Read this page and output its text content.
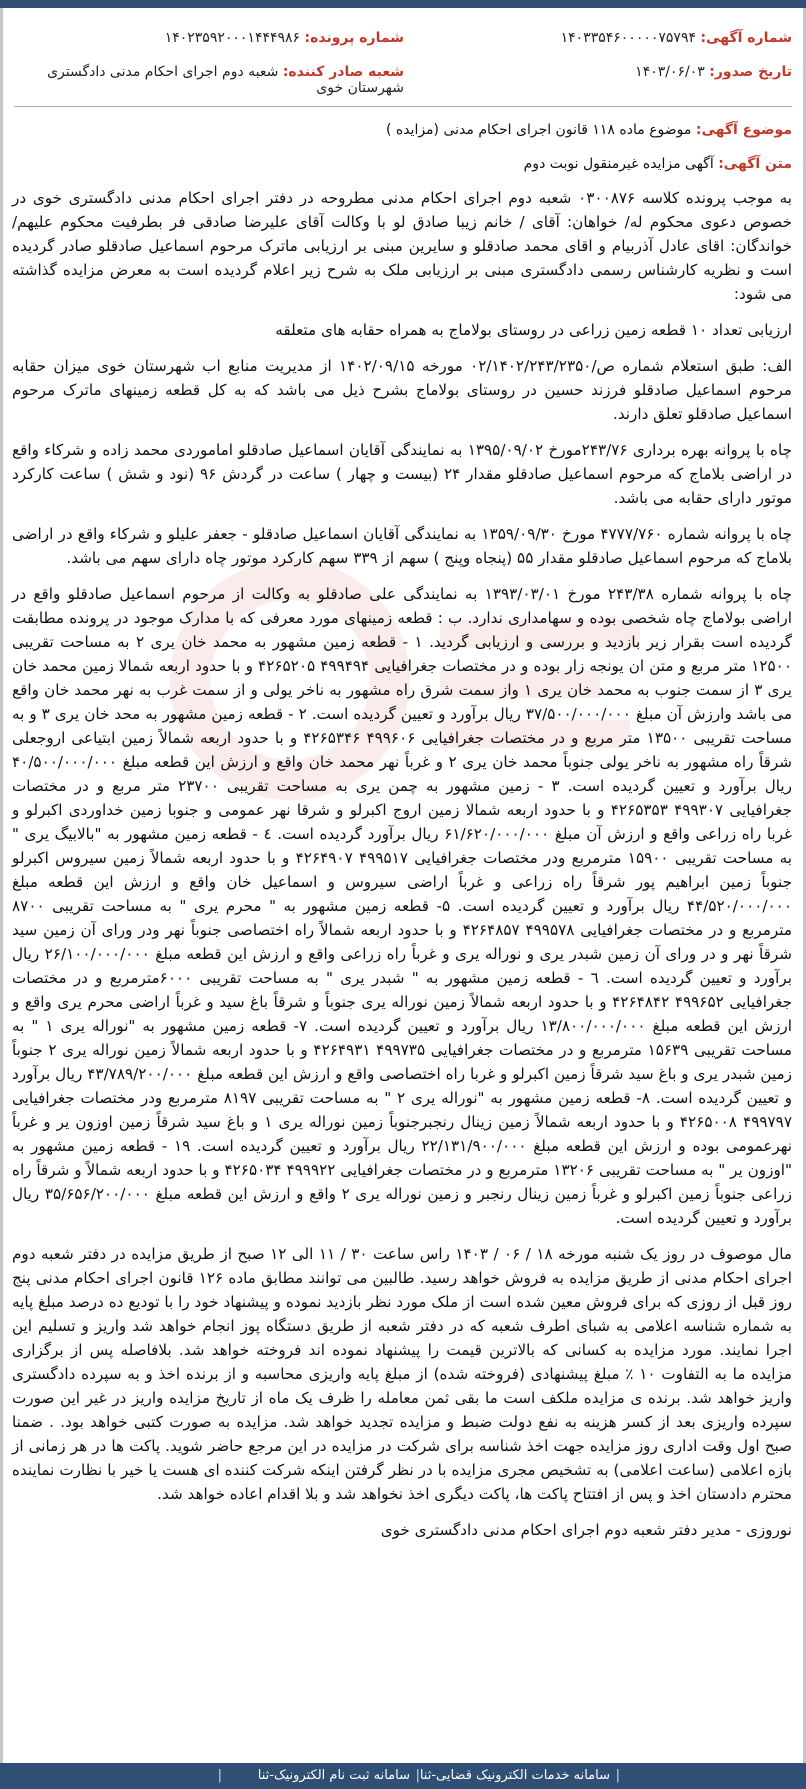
شماره آگهی: ۱۴۰۳۳۵۴۶۰۰۰۰۰۷۵۷۹۴
شماره پرونده: ۱۴۰۲۳۵۹۲۰۰۰۱۴۴۴۹۸۶
تاریخ صدور: ۱۴۰۳/۰۶/۰۳
شعبه صادر کننده: شعبه دوم اجرای احکام مدنی دادگستری شهرستان خوی
موضوع آگهی: موضوع ماده ۱۱۸ قانون اجرای احکام مدنی (مزایده )
متن آگهی: آگهی مزایده غیرمنقول نوبت دوم

به موجب پرونده کلاسه ۰۳۰۰۸۷۶ شعبه دوم اجرای احکام مدنی مطروحه در دفتر اجرای احکام مدنی دادگستری خوی در خصوص دعوی محکوم له/ خواهان: آقای / خانم زیبا صادق لو با وکالت آقای علیرضا صادقی فر بطرفیت محکوم علیهم/خواندگان: اقای عادل آذربیام و اقای محمد صادقلو و سایرین مبنی بر ارزیابی ماترک مرحوم اسماعیل صادقلو صادر گردیده است و نظریه کارشناس رسمی دادگستری مبنی بر ارزیابی ملک به شرح زیر اعلام گردیده است به معرض مزایده گذاشته می شود:

ارزیابی تعداد ۱۰ قطعه زمین زراعی در روستای بولاماج به همراه حقابه های متعلقه

الف: طبق استعلام شماره ص/۰۲/۱۴۰۲/۲۴۳/۲۳۵۰ مورخه ۱۴۰۲/۰۹/۱۵ از مدیریت منابع اب شهرستان خوی میزان حقابه مرحوم اسماعیل صادقلو فرزند حسین در روستای بولاماج بشرح ذیل می باشد که به کل قطعه زمینهای ماترک مرحوم اسماعیل صادقلو تعلق دارند.

چاه با پروانه بهره برداری ۲۴۳/۷۶مورخ ۱۳۹۵/۰۹/۰۲ به نمایندگی آقایان اسماعیل صادقلو اماموردی محمد زاده و شرکاء واقع در اراضی بلاماج که مرحوم اسماعیل صادقلو مقدار ۲۴ (بیست و چهار ) ساعت در گردش ۹۶ (نود و شش ) ساعت کارکرد موتور دارای حقابه می باشد.

چاه با پروانه شماره ۴۷۷۷/۷۶۰ مورخ ۱۳۵۹/۰۹/۳۰ به نمایندگی آقایان اسماعیل صادقلو - جعفر علیلو و شرکاء واقع در اراضی بلاماج که مرحوم اسماعیل صادقلو مقدار ۵۵ (پنجاه وپنج ) سهم از ۳۳۹ سهم کارکرد موتور چاه دارای سهم می باشد.

چاه با پروانه شماره ۲۴۳/۳۸ مورخ ۱۳۹۳/۰۳/۰۱ به نمایندگی علی صادقلو به وکالت از مرحوم اسماعیل صادقلو واقع در اراضی بولاماج چاه شخصی بوده و سهامداری ندارد. ب : قطعه زمینهای مورد معرفی که با مدارک موجود در پرونده مطابقت گردیده است بقرار زیر بازدید و بررسی و ارزیابی گردید. ۱ - قطعه زمین مشهور به محمد خان یری ۲ به مساحت تقریبی ۱۲۵۰۰ متر مربع و متن ان یونجه زار بوده و در مختصات جغرافیایی ۴۹۹۴۹۴ ۴۲۶۵۲۰۵ و با حدود اربعه شمالا زمین محمد خان یری ۳ از سمت جنوب به محمد خان یری ۱ واز سمت شرق راه مشهور به ناخر یولی و از سمت غرب به نهر محمد خان واقع می باشد وارزش آن مبلغ ۳۷/۵۰۰/۰۰۰/۰۰۰ ریال برآورد و تعیین گردیده است. ۲ - قطعه زمین مشهور به محد خان یری ۳ و به مساحت تقریبی ۱۳۵۰۰ متر مربع و در مختصات جغرافیایی ۴۹۹۶۰۶ ۴۲۶۵۳۴۶ و با حدود اربعه شمالاً زمین ابتیاعی اروجعلی شرقاً راه مشهور به ناخر یولی جنوباً محمد خان یری ۲ و غرباً نهر محمد خان واقع و ارزش این قطعه مبلغ ۴۰/۵۰۰/۰۰۰/۰۰۰ ریال برآورد و تعیین گردیده است. ۳ - زمین مشهور به چمن یری به مساحت تقریبی ۲۳۷۰۰ متر مربع و در مختصات جغرافیایی ۴۹۹۳۰۷ ۴۲۶۵۳۵۳ و با حدود اربعه شمالا زمین اروج اکبرلو و شرقا نهر عمومی و جنوبا زمین خداوردی اکبرلو و غربا راه زراعی واقع و ارزش آن مبلغ ۶۱/۶۲۰/۰۰۰/۰۰۰ ریال برآورد گردیده است. ٤ - قطعه زمین مشهور به "بالابیگ یری " به مساحت تقریبی ۱۵۹۰۰ مترمربع ودر مختصات جغرافیایی ۴۹۹۵۱۷ ۴۲۶۴۹۰۷ و با حدود اربعه شمالاً زمین سیروس اکبرلو جنوباً زمین ابراهیم پور شرقاً راه زراعی و غرباً اراضی سیروس و اسماعیل خان واقع و ارزش این قطعه مبلغ ۴۴/۵۲۰/۰۰۰/۰۰۰ ریال برآورد و تعیین گردیده است. ۵- قطعه زمین مشهور به " محرم یری " به مساحت تقریبی ۸۷۰۰ مترمربع و در مختصات جغرافیایی ۴۹۹۵۷۸ ۴۲۶۴۸۵۷ و با حدود اربعه شمالاً راه اختصاصی جنوباً نهر ودر ورای آن زمین سید شرقاً نهر و در ورای آن زمین شبدر یری و نوراله یری و غرباً راه زراعی واقع و ارزش این قطعه مبلغ ۲۶/۱۰۰/۰۰۰/۰۰۰ ریال برآورد و تعیین گردیده است. ٦ - قطعه زمین مشهور به " شبدر یری " به مساحت تقریبی ۶۰۰۰مترمربع و در مختصات جغرافیایی ۴۹۹۶۵۲ ۴۲۶۴۸۴۲ و با حدود اربعه شمالاً زمین نوراله یری جنوباً و شرقاً باغ سید و غرباً اراضی محرم یری واقع و ارزش این قطعه مبلغ ۱۳/۸۰۰/۰۰۰/۰۰۰ ریال برآورد و تعیین گردیده است. ۷- قطعه زمین مشهور به "نوراله یری ۱ " به مساحت تقریبی ۱۵۶۳۹ مترمربع و در مختصات جغرافیایی ۴۹۹۷۳۵ ۴۲۶۴۹۳۱ و با حدود اربعه شمالاً زمین نوراله یری ۲ جنوباً زمین شبدر یری و باغ سید شرقاً زمین اکبرلو و غربا راه اختصاصی واقع و ارزش این قطعه مبلغ ۴۳/۷۸۹/۲۰۰/۰۰۰ ریال برآورد و تعیین گردیده است. ۸- قطعه زمین مشهور به "نوراله یری ۲ " به مساحت تقریبی ۸۱۹۷ مترمربع ودر مختصات جغرافیایی ۴۹۹۷۹۷ ۴۲۶۵۰۰۸ و با حدود اربعه شمالاً زمین زینال رنجبرجنوباً زمین نوراله یری ۱ و باغ سید شرقاً زمین اوزون یر و غرباً نهرعمومی بوده و ارزش این قطعه مبلغ ۲۲/۱۳۱/۹۰۰/۰۰۰ ریال برآورد و تعیین گردیده است. ۱۹ - قطعه زمین مشهور به "اوزون یر " به مساحت تقریبی ۱۳۲۰۶ مترمربع و در مختصات جغرافیایی ۴۹۹۹۲۲ ۴۲۶۵۰۳۴ و با حدود اربعه شمالاً و شرقاً راه زراعی جنوباً زمین اکبرلو و غرباً زمین زینال رنجبر و زمین نوراله یری ۲ واقع و ارزش این قطعه مبلغ ۳۵/۶۵۶/۲۰۰/۰۰۰ ریال برآورد و تعیین گردیده است.

مال موصوف در روز یک شنبه مورخه ۱۸ / ۰۶ / ۱۴۰۳ راس ساعت ۳۰ / ۱۱ الی ۱۲ صبح از طریق مزایده در دفتر شعبه دوم اجرای احکام مدنی از طریق مزایده به فروش خواهد رسید. طالبین می توانند مطابق ماده ۱۲۶ قانون اجرای احکام مدنی پنج روز قبل از روزی که برای فروش معین شده است از ملک مورد نظر بازدید نموده و پیشنهاد خود را با تودیع ده درصد مبلغ پایه به شماره شناسه اعلامی به شبای اطرف شعبه که در دفتر شعبه از طریق دستگاه پوز انجام خواهد شد واریز و تسلیم این اجرا نمایند. مورد مزایده به کسانی که بالاترین قیمت را پیشنهاد نموده اند فروخته خواهد شد. بلافاصله پس از برگزاری مزایده ما به التفاوت ۱۰ ٪ مبلغ پیشنهادی (فروخته شده) از مبلغ پایه واریزی محاسبه و از برنده اخذ و به سپرده دادگستری واریز خواهد شد. برنده ی مزایده ملکف است ما بقی ثمن معامله را ظرف یک ماه از تاریخ مزایده واریز در غیر این صورت سپرده واریزی بعد از کسر هزینه به نفع دولت ضبط و مزایده تجدید خواهد شد. مزایده به صورت کتبی خواهد بود. . ضمنا صبح اول وقت اداری روز مزایده جهت اخذ شناسه برای شرکت در مزایده در این مرجع حاضر شوید. پاکت ها در هر زمانی از بازه اعلامی (ساعت اعلامی) به تشخیص مجری مزایده با در نظر گرفتن اینکه شرکت کننده ای هست یا خیر با نظارت نماینده محترم دادستان اخذ و پس از افتتاح پاکت ها، پاکت دیگری اخذ نخواهد شد و بلا اقدام اعاده خواهد شد.

نوروزی - مدیر دفتر شعبه دوم اجرای احکام مدنی دادگستری خوی

|
سامانه خدمات الکترونیک قضایی-ثنا
|
سامانه ثبت نام الکترونیک-ثنا
|
